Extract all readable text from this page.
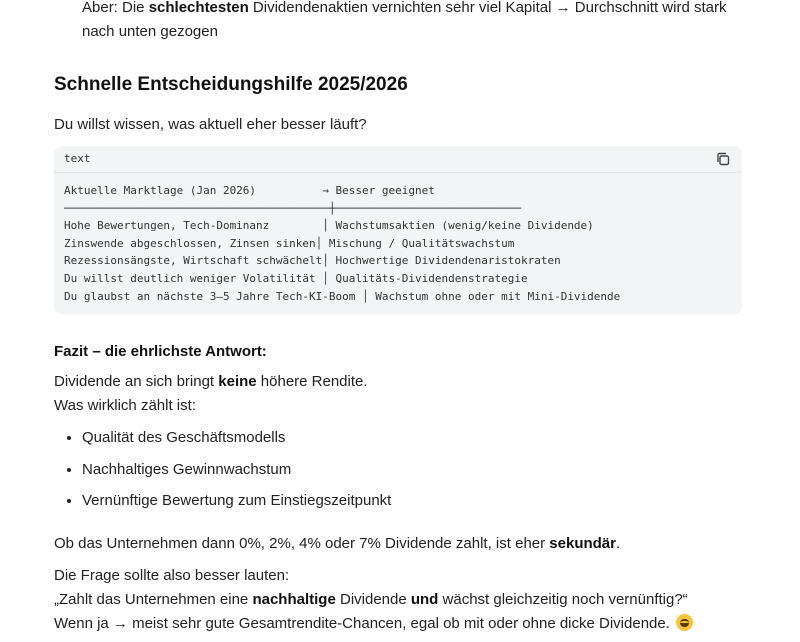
Aber: Die schlechtesten Dividendenaktien vernichten sehr viel Kapital → Durchschnitt wird stark
nach unten gezogen
Schnelle Entscheidungshilfe 2025/2026
Du willst wissen, was aktuell eher besser läuft?
text
Aktuelle Marktlage (Jan 2026)          → Besser geeignet
────────────────────────────────────────┼────────────────────────────
Hohe Bewertungen, Tech-Dominanz        │ Wachstumsaktien (wenig/keine Dividende)
Zinswende abgeschlossen, Zinsen sinken│ Mischung / Qualitätswachstum
Rezessionsängste, Wirtschaft schwächelt│ Hochwertige Dividendenaristokraten
Du willst deutlich weniger Volatilität │ Qualitäts-Dividendenstrategie
Du glaubst an nächste 3–5 Jahre Tech-KI-Boom │ Wachstum ohne oder mit Mini-Dividende
Fazit – die ehrlichste Antwort:
Dividende an sich bringt keine höhere Rendite.
Was wirklich zählt ist:
• Qualität des Geschäftsmodells
• Nachhaltiges Gewinnwachstum
• Vernünftige Bewertung zum Einstiegszeitpunkt
Ob das Unternehmen dann 0%, 2%, 4% oder 7% Dividende zahlt, ist eher sekundär.
Die Frage sollte also besser lauten:
„Zahlt das Unternehmen eine nachhaltige Dividende und wächst gleichzeitig noch vernünftig?“
Wenn ja → meist sehr gute Gesamtrendite-Chancen, egal ob mit oder ohne dicke Dividende.
